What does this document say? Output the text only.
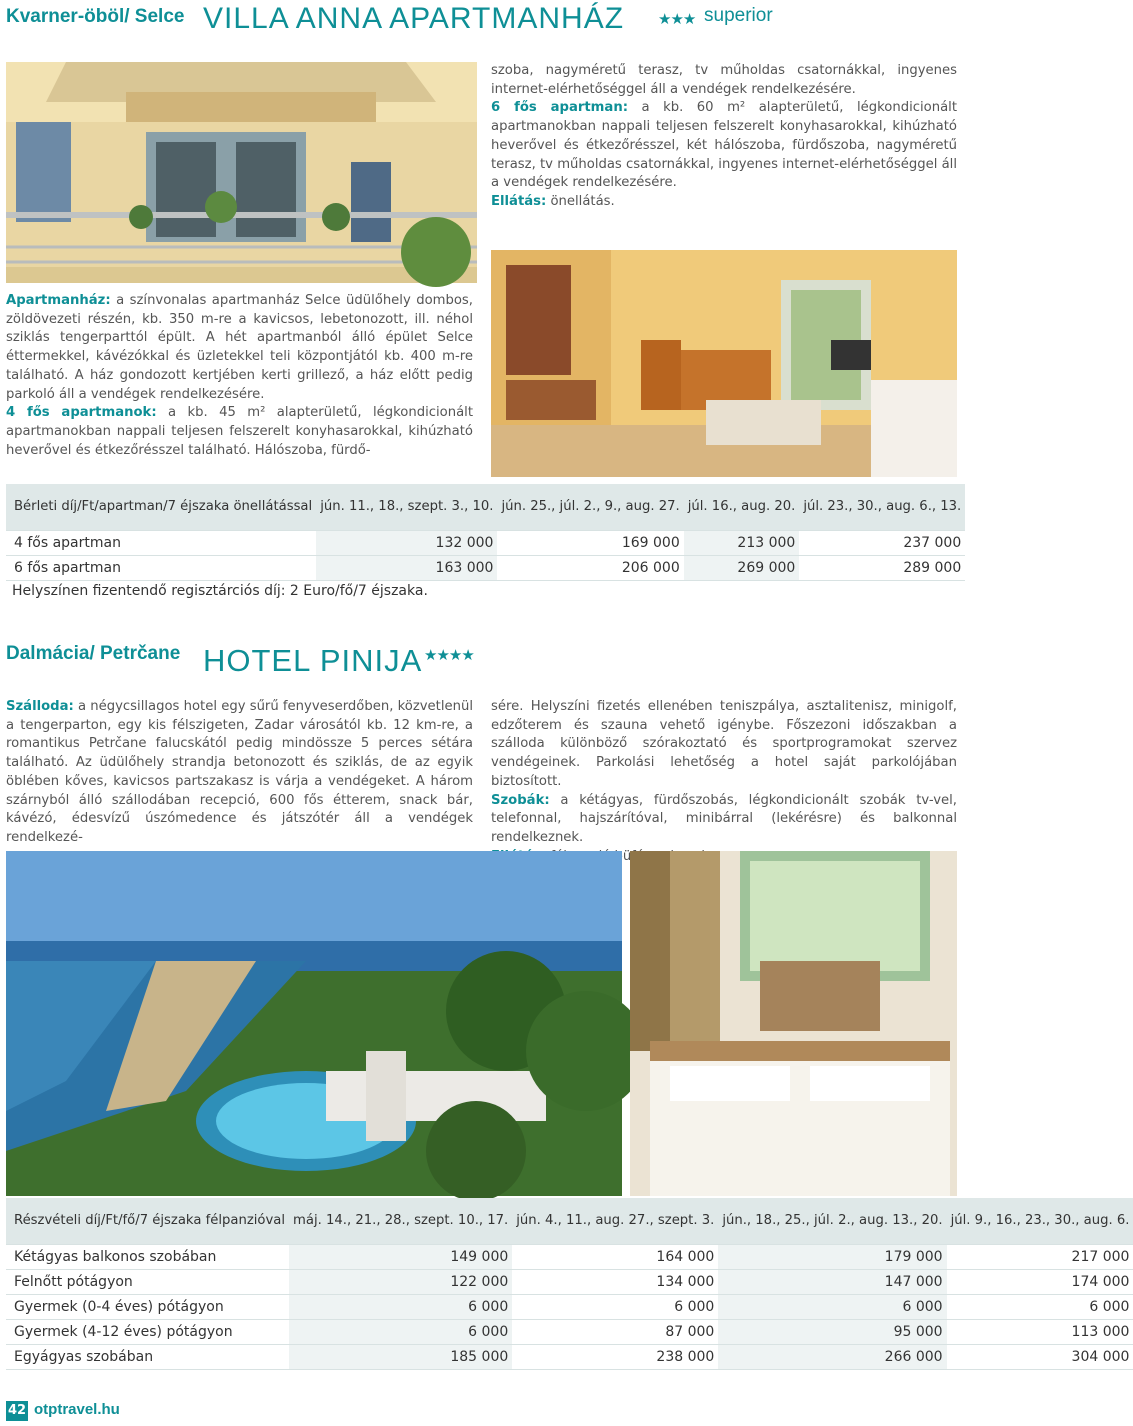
Kvarner-öböl/ Selce VILLA ANNA APARTMANHÁZ ★★★ superior
szoba, nagyméretű terasz, tv műholdas csatornákkal, ingyenes internet-elérhetőséggel áll a vendégek rendelkezésére.
6 fős apartman: a kb. 60 m² alapterületű, légkondicionált apartmanokban nappali teljesen felszerelt konyhasarokkal, kihúzható heverővel és étkezőrésszel, két hálószoba, fürdőszoba, nagyméretű terasz, tv műholdas csatornákkal, ingyenes internet-elérhetőséggel áll a vendégek rendelkezésére.
Ellátás: önellátás.
Apartmanház: a színvonalas apartmanház Selce üdülőhely dombos, zöldövezeti részén, kb. 350 m-re a kavicsos, lebetonozott, ill. néhol sziklás tengerparttól épült. A hét apartmanból álló épület Selce éttermekkel, kávézókkal és üzletekkel teli központjától kb. 400 m-re található. A ház gondozott kertjében kerti grillező, a ház előtt pedig parkoló áll a vendégek rendelkezésére.
4 fős apartmanok: a kb. 45 m² alapterületű, légkondicionált apartmanokban nappali teljesen felszerelt konyhasarokkal, kihúzható heverővel és étkezőrésszel található. Hálószoba, fürdő-
Bérleti díj/Ft/apartman/7 éjszaka önellátással	jún. 11., 18., szept. 3., 10.	jún. 25., júl. 2., 9., aug. 27.	júl. 16., aug. 20.	júl. 23., 30., aug. 6., 13.
4 fős apartman	132 000	169 000	213 000	237 000
6 fős apartman	163 000	206 000	269 000	289 000
Helyszínen fizentendő regisztárciós díj: 2 Euro/fő/7 éjszaka.
Dalmácia/ Petrčane HOTEL PINIJA ★★★★
Szálloda: a négycsillagos hotel egy sűrű fenyveserdőben, közvetlenül a tengerparton, egy kis félszigeten, Zadar városától kb. 12 km-re, a romantikus Petrčane falucskától pedig mindössze 5 perces sétára található. Az üdülőhely strandja betonozott és sziklás, de az egyik öblében kőves, kavicsos partszakasz is várja a vendégeket. A három szárnyból álló szállodában recepció, 600 fős étterem, snack bár, kávézó, édesvízű úszómedence és játszótér áll a vendégek rendelkezé-
sére. Helyszíni fizetés ellenében teniszpálya, asztalitenisz, minigolf, edzőterem és szauna vehető igénybe. Főszezoni időszakban a szálloda különböző szórakoztató és sportprogramokat szervez vendégeinek. Parkolási lehetőség a hotel saját parkolójában biztosított.
Szobák: a kétágyas, fürdőszobás, légkondicionált szobák tv-vel, telefonnal, hajszárítóval, minibárral (lekérésre) és balkonnal rendelkeznek.

Részvételi díj/Ft/fő/7 éjszaka félpanzióval	máj. 14., 21., 28., szept. 10., 17.	jún. 4., 11., aug. 27., szept. 3.	jún., 18., 25., júl. 2., aug. 13., 20.	júl. 9., 16., 23., 30., aug. 6.
Kétágyas balkonos szobában	149 000	164 000	179 000	217 000
Felnőtt pótágyon	122 000	134 000	147 000	174 000
Gyermek (0-4 éves) pótágyon	6 000	6 000	6 000	6 000
Gyermek (4-12 éves) pótágyon	6 000	87 000	95 000	113 000
Egyágyas szobában	185 000	238 000	266 000	304 000
42 otptravel.hu
